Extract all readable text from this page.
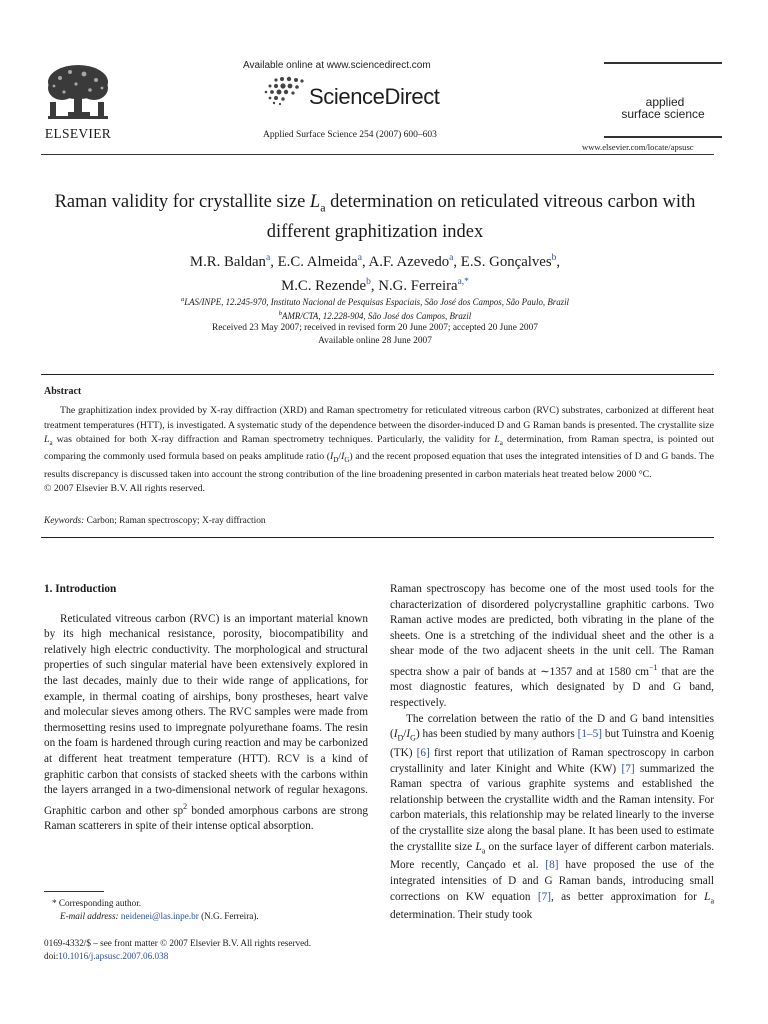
ELSEVIER
Available online at www.sciencedirect.com
ScienceDirect
Applied Surface Science 254 (2007) 600–603
applied
surface science
www.elsevier.com/locate/apsusc
Raman validity for crystallite size $L_a$ determination on reticulated vitreous carbon with different graphitization index
M.R. Baldan$^a$, E.C. Almeida$^a$, A.F. Azevedo$^a$, E.S. Gonçalves$^b$,
M.C. Rezende$^b$, N.G. Ferreira$^{a,*}$
$^a$LAS/INPE, 12.245-970, Instituto Nacional de Pesquisas Espaciais, São José dos Campos, São Paulo, Brazil
$^b$AMR/CTA, 12.228-904, São José dos Campos, Brazil
Received 23 May 2007; received in revised form 20 June 2007; accepted 20 June 2007
Available online 28 June 2007
Abstract

The graphitization index provided by X-ray diffraction (XRD) and Raman spectrometry for reticulated vitreous carbon (RVC) substrates, carbonized at different heat treatment temperatures (HTT), is investigated. A systematic study of the dependence between the disorder-induced D and G Raman bands is presented. The crystallite size $L_a$ was obtained for both X-ray diffraction and Raman spectrometry techniques. Particularly, the validity for $L_a$ determination, from Raman spectra, is pointed out comparing the commonly used formula based on peaks amplitude ratio $(I_D/I_G)$ and the recent proposed equation that uses the integrated intensities of D and G bands. The results discrepancy is discussed taken into account the strong contribution of the line broadening presented in carbon materials heat treated below 2000 °C.

© 2007 Elsevier B.V. All rights reserved.

Keywords: Carbon; Raman spectroscopy; X-ray diffraction
1. Introduction

Reticulated vitreous carbon (RVC) is an important material known by its high mechanical resistance, porosity, biocompatibility and relatively high electric conductivity. The morphological and structural properties of such singular material have been extensively explored in the last decades, mainly due to their wide range of applications, for example, in thermal coating of airships, bony prostheses, heart valve and molecular sieves among others. The RVC samples were made from thermosetting resins used to impregnate polyurethane foams. The resin on the foam is hardened through curing reaction and may be carbonized at different heat treatment temperature (HTT). RCV is a kind of graphitic carbon that consists of stacked sheets with the carbons within the layers arranged in a two-dimensional network of regular hexagons. Graphitic carbon and other $sp^2$ bonded amorphous carbons are strong Raman scatterers in spite of their intense optical absorption.

* Corresponding author.
E-mail address: neidenei@las.inpe.br (N.G. Ferreira).
0169-4332/$ – see front matter © 2007 Elsevier B.V. All rights reserved.
doi:10.1016/j.apsusc.2007.06.038

Raman spectroscopy has become one of the most used tools for the characterization of disordered polycrystalline graphitic carbons. Two Raman active modes are predicted, both vibrating in the plane of the sheets. One is a stretching of the individual sheet and the other is a shear mode of the two adjacent sheets in the unit cell. The Raman spectra show a pair of bands at ∼1357 and at 1580 $cm^{-1}$ that are the most diagnostic features, which designated by D and G band, respectively.

The correlation between the ratio of the D and G band intensities $(I_D/I_G)$ has been studied by many authors [1–5] but Tuinstra and Koenig (TK) [6] first report that utilization of Raman spectroscopy in carbon crystallinity and later Kinight and White (KW) [7] summarized the Raman spectra of various graphite systems and established the relationship between the crystallite width and the Raman intensity. For carbon materials, this relationship may be related linearly to the inverse of the crystallite size along the basal plane. It has been used to estimate the crystallite size $L_a$ on the surface layer of different carbon materials. More recently, Cançado et al. [8] have proposed the use of the integrated intensities of D and G Raman bands, introducing small corrections on KW equation [7], as better approximation for $L_a$ determination. Their study took
